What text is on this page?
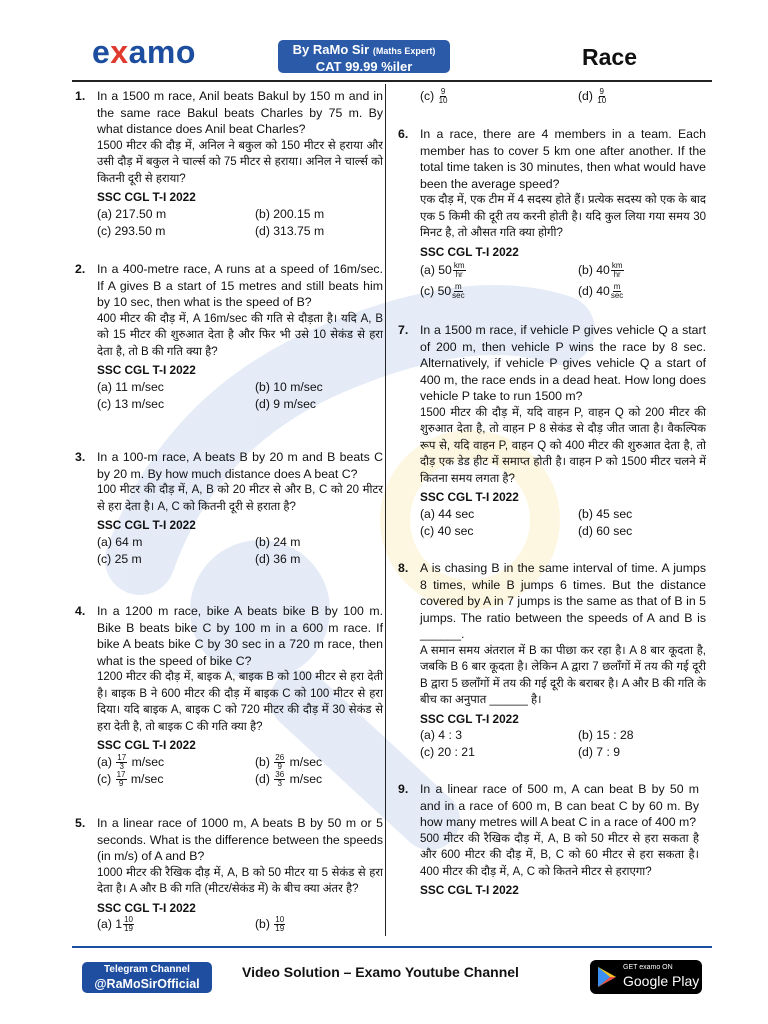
examo	By RaMo Sir (Maths Expert)
CAT 99.99 %iler	Race
1. In a 1500 m race, Anil beats Bakul by 150 m and in the same race Bakul beats Charles by 75 m. By what distance does Anil beat Charles?
1500 मीटर की दौड़ में, अनिल ने बकुल को 150 मीटर से हराया और उसी दौड़ में बकुल ने चार्ल्स को 75 मीटर से हराया। अनिल ने चार्ल्स को कितनी दूरी से हराया?
SSC CGL T-I 2022
(a) 217.50 m	(b) 200.15 m
(c) 293.50 m	(d) 313.75 m
2. In a 400-metre race, A runs at a speed of 16m/sec. If A gives B a start of 15 metres and still beats him by 10 sec, then what is the speed of B?
400 मीटर की दौड़ में, A 16m/sec की गति से दौड़ता है। यदि A, B को 15 मीटर की शुरुआत देता है और फिर भी उसे 10 सेकंड से हरा देता है, तो B की गति क्या है?
SSC CGL T-I 2022
(a) 11 m/sec	(b) 10 m/sec
(c) 13 m/sec	(d) 9 m/sec
3. In a 100-m race, A beats B by 20 m and B beats C by 20 m. By how much distance does A beat C?
100 मीटर की दौड़ में, A, B को 20 मीटर से और B, C को 20 मीटर से हरा देता है। A, C को कितनी दूरी से हराता है?
SSC CGL T-I 2022
(a) 64 m	(b) 24 m
(c) 25 m	(d) 36 m
4. In a 1200 m race, bike A beats bike B by 100 m. Bike B beats bike C by 100 m in a 600 m race. If bike A beats bike C by 30 sec in a 720 m race, then what is the speed of bike C?
1200 मीटर की दौड़ में, बाइक A, बाइक B को 100 मीटर से हरा देती है। बाइक B ने 600 मीटर की दौड़ में बाइक C को 100 मीटर से हरा दिया। यदि बाइक A, बाइक C को 720 मीटर की दौड़ में 30 सेकंड से हरा देती है, तो बाइक C की गति क्या है?
SSC CGL T-I 2022
$(a) \frac{17}{3} m/\sec$	$(b) \frac{26}{9} m/\sec$
$(c) \frac{17}{9} m/\sec$	$(d) \frac{36}{3} m/\sec$
5. In a linear race of 1000 m, A beats B by 50 m or 5 seconds. What is the difference between the speeds (in m/s) of A and B?
1000 मीटर की रैखिक दौड़ में, A, B को 50 मीटर या 5 सेकंड से हरा देता है। A और B की गति (मीटर/सेकंड में) के बीच क्या अंतर है?
SSC CGL T-I 2022
(a) $1 \frac{10}{19}$	$(b) \frac{10}{19}$
$(c) \frac{9}{10}$	$(d) \frac{9}{10}$
6. In a race, there are 4 members in a team. Each member has to cover 5 km one after another. If the total time taken is 30 minutes, then what would have been the average speed?
एक दौड़ में, एक टीम में 4 सदस्य होते हैं। प्रत्येक सदस्य को एक के बाद एक 5 किमी की दूरी तय करनी होती है। यदि कुल लिया गया समय 30 मिनट है, तो औसत गति क्या होगी?
SSC CGL T-I 2022
(a) $50 \frac{km}{hr}$	(b) $40 \frac{km}{hr}$
(c) $50 \frac{m}{\sec}$	(d) $40 \frac{m}{\sec}$
7. In a 1500 m race, if vehicle P gives vehicle Q a start of 200 m, then vehicle P wins the race by 8 sec. Alternatively, if vehicle P gives vehicle Q a start of 400 m, the race ends in a dead heat. How long does vehicle P take to run 1500 m?
1500 मीटर की दौड़ में, यदि वाहन P, वाहन Q को 200 मीटर की शुरुआत देता है, तो वाहन P 8 सेकंड से दौड़ जीत जाता है। वैकल्पिक रूप से, यदि वाहन P, वाहन Q को 400 मीटर की शुरुआत देता है, तो दौड़ एक डेड हीट में समाप्त होती है। वाहन P को 1500 मीटर चलने में कितना समय लगता है?
SSC CGL T-I 2022
(a) 44 sec	(b) 45 sec
(c) 40 sec	(d) 60 sec
8. A is chasing B in the same interval of time. A jumps 8 times, while B jumps 6 times. But the distance covered by A in 7 jumps is the same as that of B in 5 jumps. The ratio between the speeds of A and B is ______.
A समान समय अंतराल में B का पीछा कर रहा है। A 8 बार कूदता है, जबकि B 6 बार कूदता है। लेकिन A द्वारा 7 छलाँगों में तय की गई दूरी B द्वारा 5 छलाँगों में तय की गई दूरी के बराबर है। A और B की गति के बीच का अनुपात ______ है।
SSC CGL T-I 2022
(a) 4 : 3	(b) 15 : 28
(c) 20 : 21	(d) 7 : 9
9. In a linear race of 500 m, A can beat B by 50 m and in a race of 600 m, B can beat C by 60 m. By how many metres will A beat C in a race of 400 m?
500 मीटर की रैखिक दौड़ में, A, B को 50 मीटर से हरा सकता है और 600 मीटर की दौड़ में, B, C को 60 मीटर से हरा सकता है। 400 मीटर की दौड़ में, A, C को कितने मीटर से हराएगा?
SSC CGL T-I 2022
Telegram Channel
@RaMoSirOfficial
Video Solution – Examo Youtube Channel	GET examo ON
Google Play
